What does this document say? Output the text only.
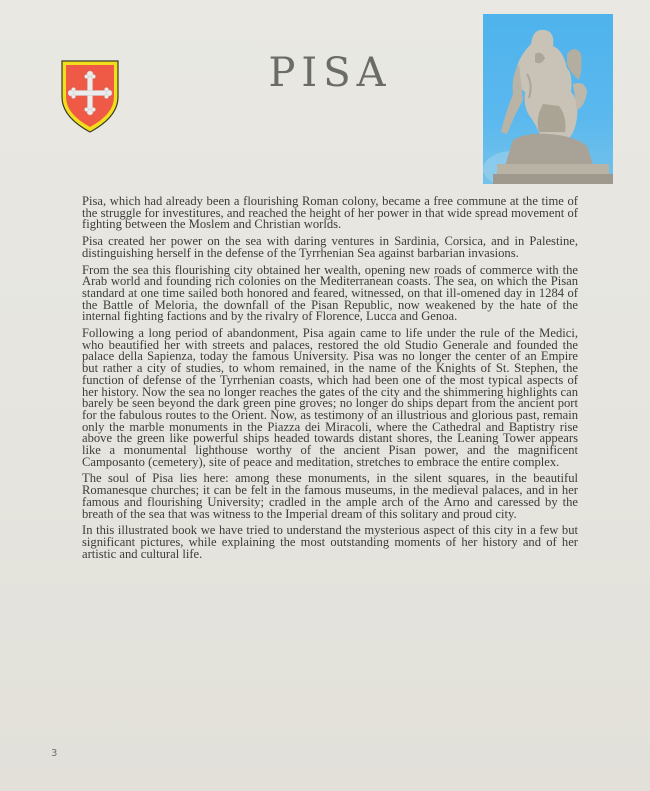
PISA

Pisa, which had already been a flourishing Roman colony, became a free commune at the time of the struggle for investitures, and reached the height of her power in that wide spread movement of fighting between the Moslem and Christian worlds.

Pisa created her power on the sea with daring ventures in Sardinia, Corsica, and in Palestine, distinguishing herself in the defense of the Tyrrhenian Sea against barbarian invasions.

From the sea this flourishing city obtained her wealth, opening new roads of commerce with the Arab world and founding rich colonies on the Mediterranean coasts. The sea, on which the Pisan standard at one time sailed both honored and feared, witnessed, on that ill-omened day in 1284 of the Battle of Meloria, the downfall of the Pisan Republic, now weakened by the hate of the internal fighting factions and by the rivalry of Florence, Lucca and Genoa.

Following a long period of abandonment, Pisa again came to life under the rule of the Medici, who beautified her with streets and palaces, restored the old Studio Generale and founded the palace della Sapienza, today the famous University. Pisa was no longer the center of an Empire but rather a city of studies, to whom remained, in the name of the Knights of St. Stephen, the function of defense of the Tyrrhenian coasts, which had been one of the most typical aspects of her history. Now the sea no longer reaches the gates of the city and the shimmering highlights can barely be seen beyond the dark green pine groves; no longer do ships depart from the ancient port for the fabulous routes to the Orient. Now, as testimony of an illustrious and glorious past, remain only the marble monuments in the Piazza dei Miracoli, where the Cathedral and Baptistry rise above the green like powerful ships headed towards distant shores, the Leaning Tower appears like a monumental lighthouse worthy of the ancient Pisan power, and the magnificent Camposanto (cemetery), site of peace and meditation, stretches to embrace the entire complex.

The soul of Pisa lies here: among these monuments, in the silent squares, in the beautiful Romanesque churches; it can be felt in the famous museums, in the medieval palaces, and in her famous and flourishing University; cradled in the ample arch of the Arno and caressed by the breath of the sea that was witness to the Imperial dream of this solitary and proud city.

In this illustrated book we have tried to understand the mysterious aspect of this city in a few but significant pictures, while explaining the most outstanding moments of her history and of her artistic and cultural life.

3
